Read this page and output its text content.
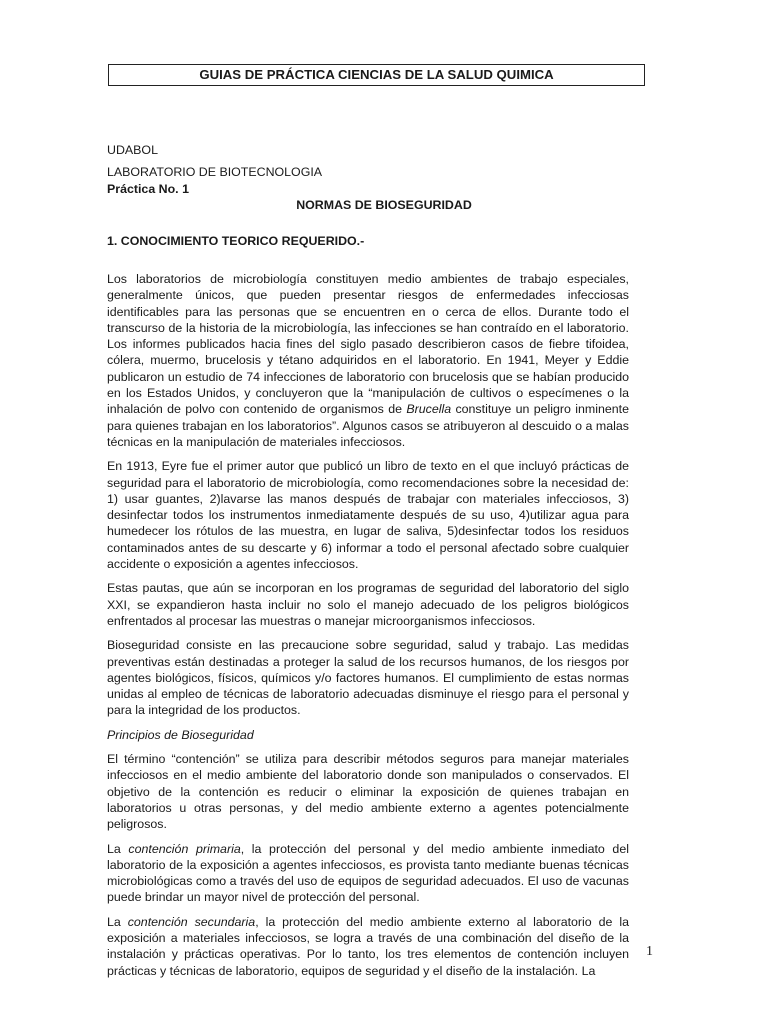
GUIAS DE PRÁCTICA CIENCIAS DE LA SALUD QUIMICA
UDABOL
LABORATORIO DE BIOTECNOLOGIA
Práctica No. 1
NORMAS DE BIOSEGURIDAD
1. CONOCIMIENTO TEORICO REQUERIDO.-

Los laboratorios de microbiología constituyen medio ambientes de trabajo especiales, generalmente únicos, que pueden presentar riesgos de enfermedades infecciosas identificables para las personas que se encuentren en o cerca de ellos. Durante todo el transcurso de la historia de la microbiología, las infecciones se han contraído en el laboratorio. Los informes publicados hacia fines del siglo pasado describieron casos de fiebre tifoidea, cólera, muermo, brucelosis y tétano adquiridos en el laboratorio. En 1941, Meyer y Eddie publicaron un estudio de 74 infecciones de laboratorio con brucelosis que se habían producido en los Estados Unidos, y concluyeron que la “manipulación de cultivos o especímenes o la inhalación de polvo con contenido de organismos de Brucella constituye un peligro inminente para quienes trabajan en los laboratorios”. Algunos casos se atribuyeron al descuido o a malas técnicas en la manipulación de materiales infecciosos.

En 1913, Eyre fue el primer autor que publicó un libro de texto en el que incluyó prácticas de seguridad para el laboratorio de microbiología, como recomendaciones sobre la necesidad de: 1) usar guantes, 2)lavarse las manos después de trabajar con materiales infecciosos, 3) desinfectar todos los instrumentos inmediatamente después de su uso, 4)utilizar agua para humedecer los rótulos de las muestra, en lugar de saliva, 5)desinfectar todos los residuos contaminados antes de su descarte y 6) informar a todo el personal afectado sobre cualquier accidente o exposición a agentes infecciosos.

Estas pautas, que aún se incorporan en los programas de seguridad del laboratorio del siglo XXI, se expandieron hasta incluir no solo el manejo adecuado de los peligros biológicos enfrentados al procesar las muestras o manejar microorganismos infecciosos.

Bioseguridad consiste en las precaucione sobre seguridad, salud y trabajo. Las medidas preventivas están destinadas a proteger la salud de los recursos humanos, de los riesgos por agentes biológicos, físicos, químicos y/o factores humanos. El cumplimiento de estas normas unidas al empleo de técnicas de laboratorio adecuadas disminuye el riesgo para el personal y para la integridad de los productos.

Principios de Bioseguridad

El término “contención” se utiliza para describir métodos seguros para manejar materiales infecciosos en el medio ambiente del laboratorio donde son manipulados o conservados. El objetivo de la contención es reducir o eliminar la exposición de quienes trabajan en laboratorios u otras personas, y del medio ambiente externo a agentes potencialmente peligrosos.

La contención primaria, la protección del personal y del medio ambiente inmediato del laboratorio de la exposición a agentes infecciosos, es provista tanto mediante buenas técnicas microbiológicas como a través del uso de equipos de seguridad adecuados. El uso de vacunas puede brindar un mayor nivel de protección del personal.

La contención secundaria, la protección del medio ambiente externo al laboratorio de la exposición a materiales infecciosos, se logra a través de una combinación del diseño de la instalación y prácticas operativas. Por lo tanto, los tres elementos de contención incluyen prácticas y técnicas de laboratorio, equipos de seguridad y el diseño de la instalación. La

1
